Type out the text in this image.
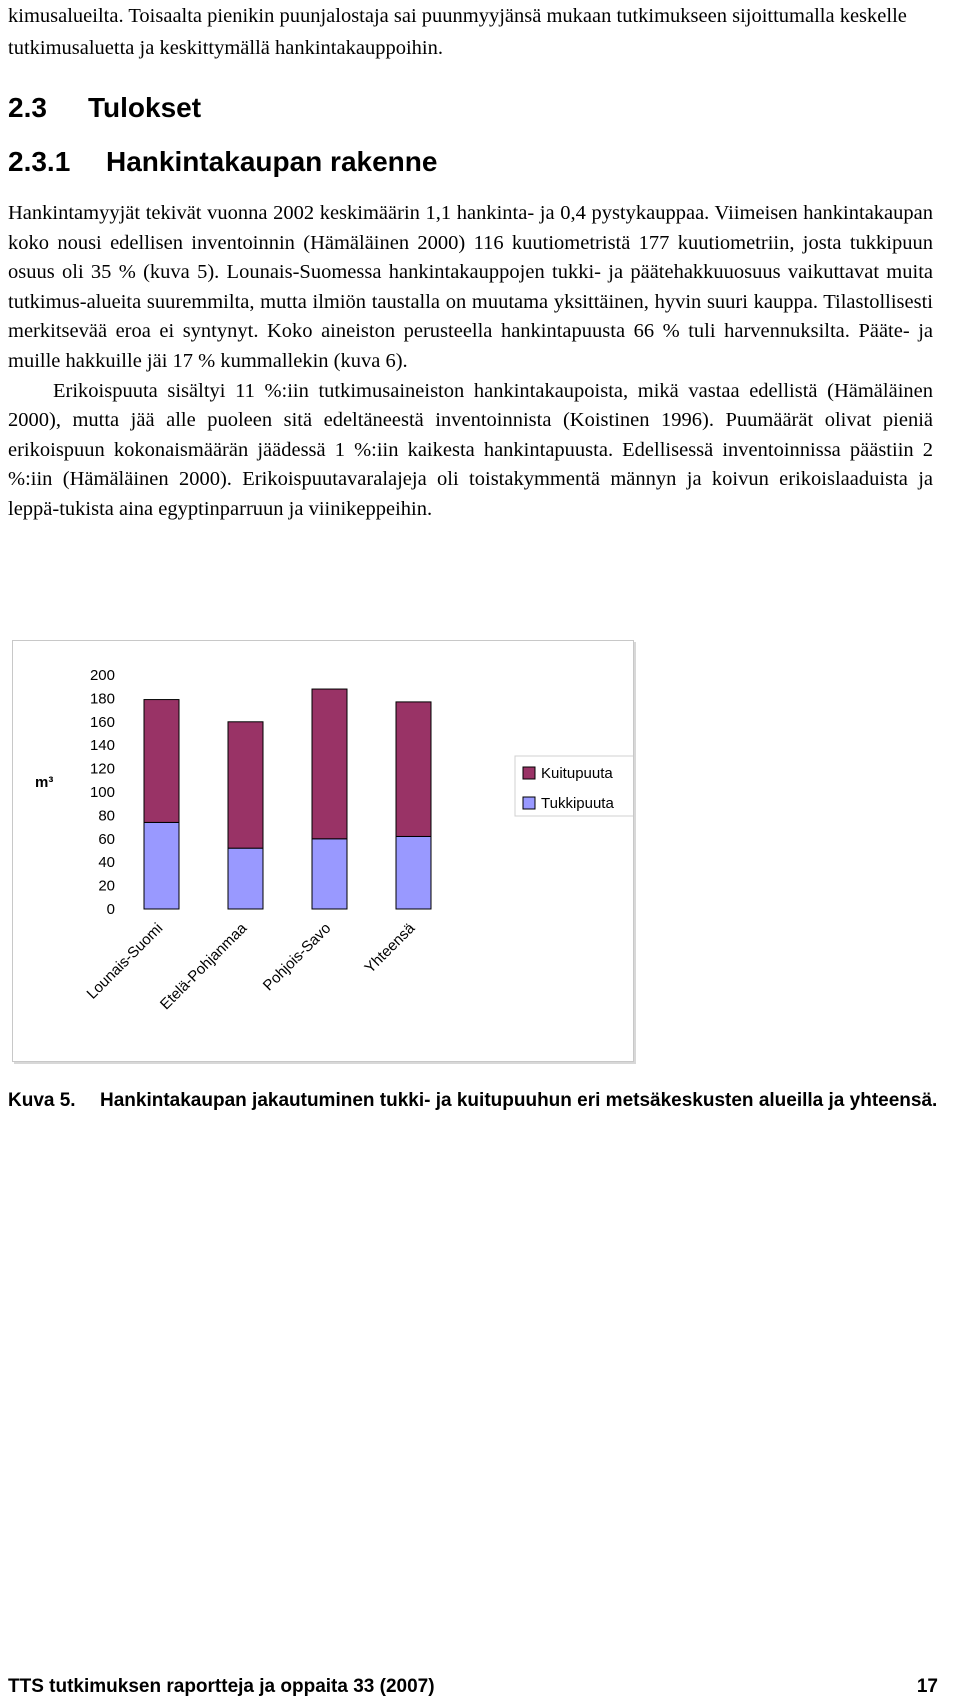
kimusalueilta. Toisaalta pienikin puunjalostaja sai puunmyyjänsä mukaan tutkimukseen sijoittumalla keskelle tutkimusaluetta ja keskittymällä hankintakauppoihin.
2.3 Tulokset
2.3.1 Hankintakaupan rakenne

Hankintamyyjät tekivät vuonna 2002 keskimäärin 1,1 hankinta- ja 0,4 pystykauppaa. Viimeisen hankintakaupan koko nousi edellisen inventoinnin (Hämäläinen 2000) 116 kuutiometristä 177 kuutiometriin, josta tukkipuun osuus oli 35 % (kuva 5). Lounais-Suomessa hankintakauppojen tukki- ja päätehakkuuosuus vaikuttavat muita tutkimus-alueita suuremmilta, mutta ilmiön taustalla on muutama yksittäinen, hyvin suuri kauppa. Tilastollisesti merkitsevää eroa ei syntynyt. Koko aineiston perusteella hankintapuusta 66 % tuli harvennuksilta. Pääte- ja muille hakkuille jäi 17 % kummallekin (kuva 6).

Erikoispuuta sisältyi 11 %:iin tutkimusaineiston hankintakaupoista, mikä vastaa edellistä (Hämäläinen 2000), mutta jää alle puoleen sitä edeltäneestä inventoinnista (Koistinen 1996). Puumäärät olivat pieniä erikoispuun kokonaismäärän jäädessä 1 %:iin kaikesta hankintapuusta. Edellisessä inventoinnissa päästiin 2 %:iin (Hämäläinen 2000). Erikoispuutavaralajeja oli toistakymmentä männyn ja koivun erikoislaaduista ja leppä-tukista aina egyptinparruun ja viinikeppeihin.

200
180
160
140
120
100
80
60
40
20
0
m³
Lounais-Suomi
Etelä-Pohjanmaa Pohjois-Savo Yhteensä
Kuitupuuta
Tukkipuuta
Kuva 5. Hankintakaupan jakautuminen tukki- ja kuitupuuhun eri metsäkeskusten alueilla ja yhteensä.
TTS tutkimuksen raportteja ja oppaita 33 (2007)	17
